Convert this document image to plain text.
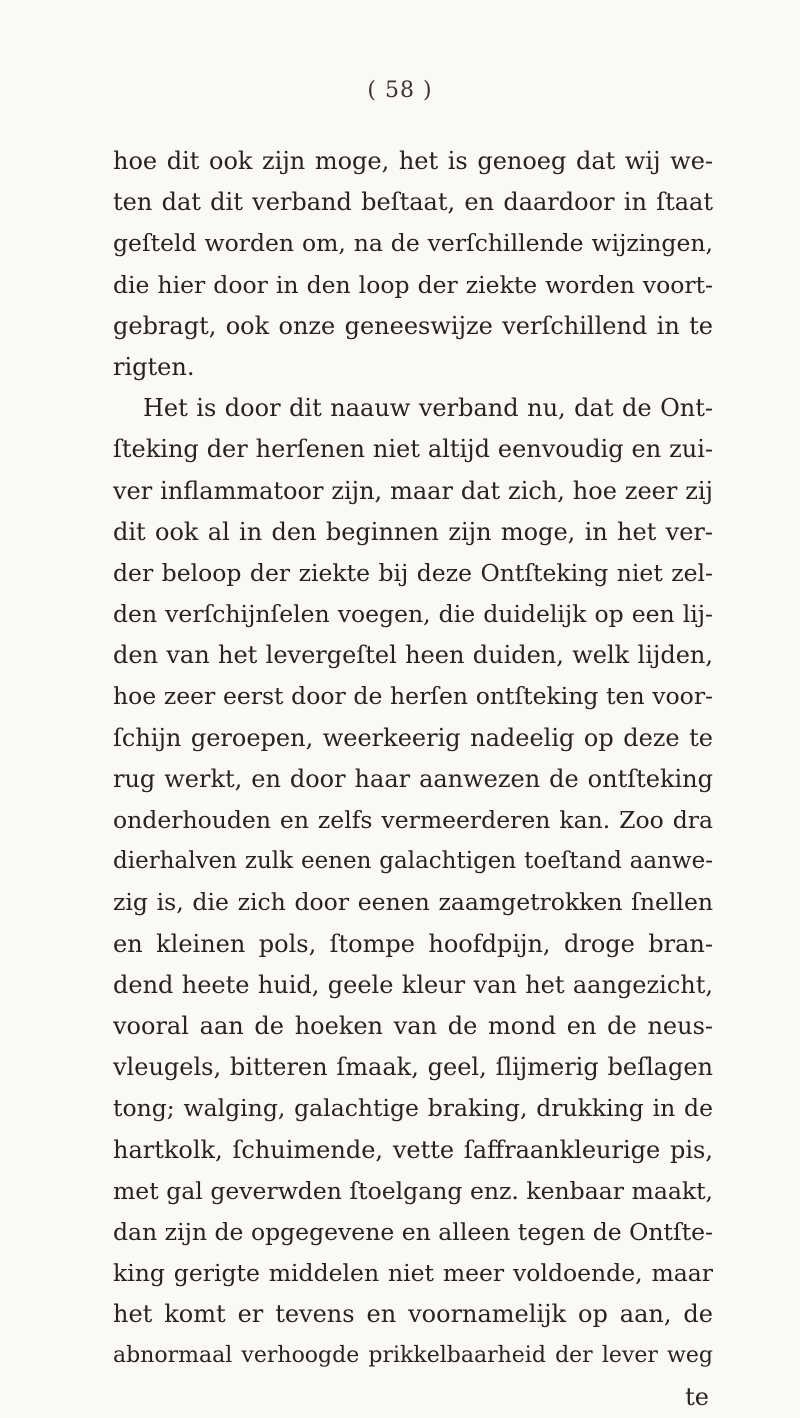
( 58 )
hoe dit ook zijn moge, het is genoeg dat wij we-
ten dat dit verband beſtaat, en daardoor in ſtaat
geſteld worden om, na de verſchillende wijzingen,
die hier door in den loop der ziekte worden voort-
gebragt, ook onze geneeswijze verſchillend in te
rigten.
Het is door dit naauw verband nu, dat de Ont-
ſteking der herſenen niet altijd eenvoudig en zui-
ver inflammatoor zijn, maar dat zich, hoe zeer zij
dit ook al in den beginnen zijn moge, in het ver-
der beloop der ziekte bij deze Ontſteking niet zel-
den verſchijnſelen voegen, die duidelijk op een lij-
den van het levergeſtel heen duiden, welk lijden,
hoe zeer eerst door de herſen ontſteking ten voor-
ſchijn geroepen, weerkeerig nadeelig op deze te
rug werkt, en door haar aanwezen de ontſteking
onderhouden en zelfs vermeerderen kan. Zoo dra
dierhalven zulk eenen galachtigen toeſtand aanwe-
zig is, die zich door eenen zaamgetrokken ſnellen
en kleinen pols, ſtompe hoofdpijn, droge bran-
dend heete huid, geele kleur van het aangezicht,
vooral aan de hoeken van de mond en de neus-
vleugels, bitteren ſmaak, geel, ſlijmerig beſlagen
tong; walging, galachtige braking, drukking in de
hartkolk, ſchuimende, vette ſaffraankleurige pis,
met gal geverwden ſtoelgang enz. kenbaar maakt,
dan zijn de opgegevene en alleen tegen de Ontſte-
king gerigte middelen niet meer voldoende, maar
het komt er tevens en voornamelijk op aan, de
abnormaal verhoogde prikkelbaarheid der lever weg
te
